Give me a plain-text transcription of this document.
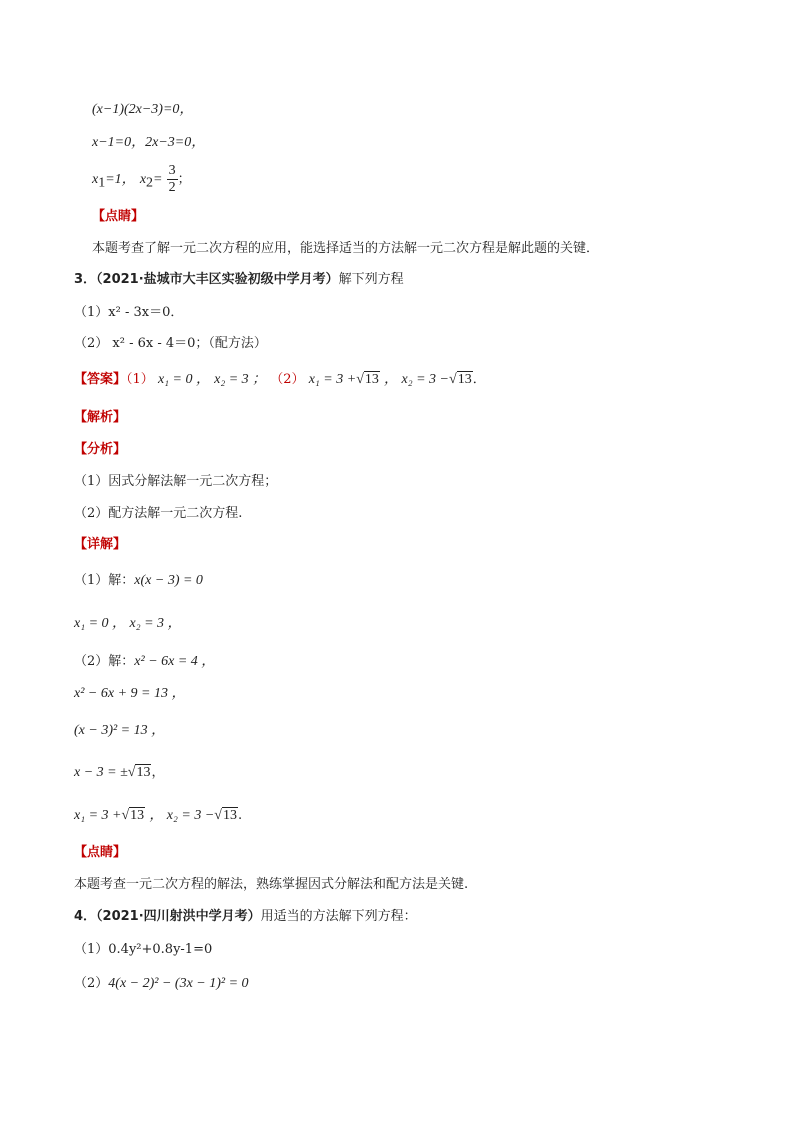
(x−1)(2x−3)=0，
x−1=0，2x−3=0，
$x_1=1$， $x_2= \frac{3}{2}$ ；
【点睛】
本题考查了解一元二次方程的应用，能选择适当的方法解一元二次方程是解此题的关键．
3．（2021·盐城市大丰区实验初级中学月考）解下列方程
（1）x² - 3x＝0．
（2） x² - 6x - 4＝0；（配方法）
【答案】（1） x₁ = 0 ， x₂ = 3 ； （2） x₁ = 3 +√13 ， x₂ = 3 −√13．
【解析】
【分析】
（1）因式分解法解一元二次方程；
（2）配方法解一元二次方程.
【详解】
（1）解：x(x − 3) = 0
x₁ = 0 ， x₂ = 3 ，
（2）解：x² − 6x = 4 ，
x² − 6x + 9 = 13 ，
(x − 3)² = 13 ，
x − 3 = ±√13，
x₁ = 3 +√13 ， x₂ = 3 −√13.
【点睛】
本题考查一元二次方程的解法，熟练掌握因式分解法和配方法是关键.
4．（2021·四川射洪中学月考）用适当的方法解下列方程：
（1）0.4y²+0.8y-1=0
（2）4(x − 2)² − (3x − 1)² = 0
